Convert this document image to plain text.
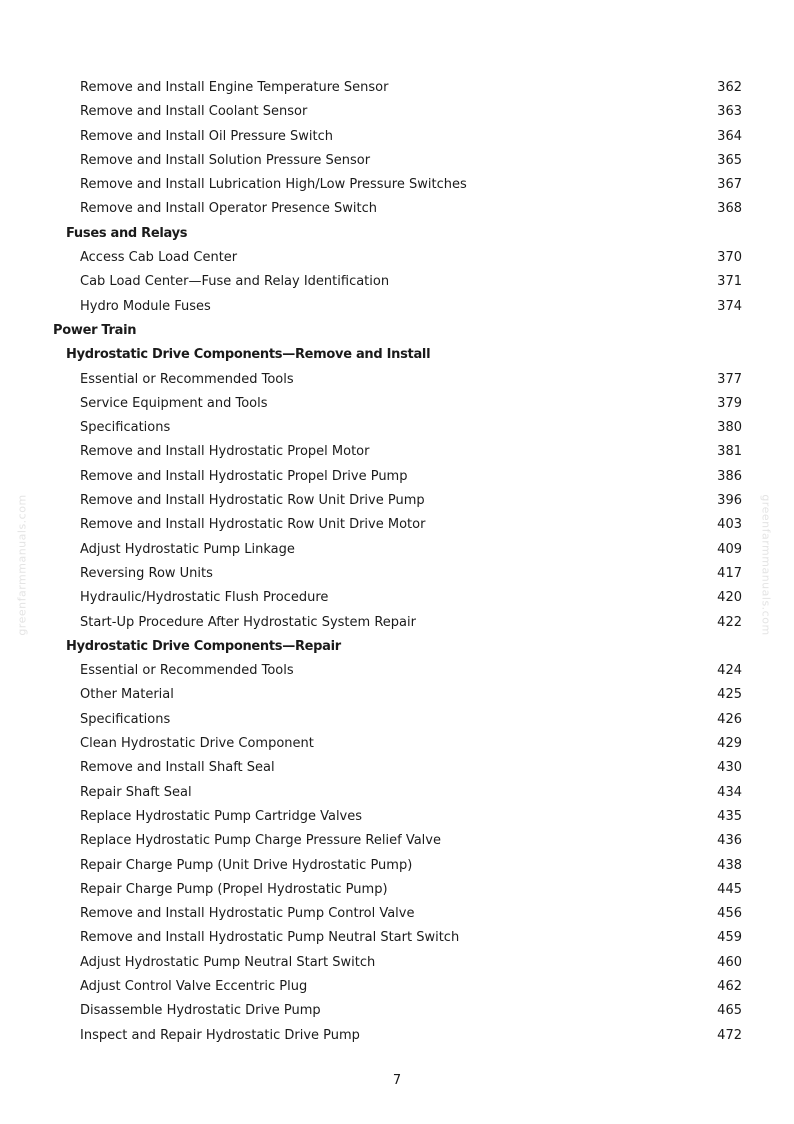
Remove and Install Engine Temperature Sensor	362
Remove and Install Coolant Sensor	363
Remove and Install Oil Pressure Switch	364
Remove and Install Solution Pressure Sensor	365
Remove and Install Lubrication High/Low Pressure Switches	367
Remove and Install Operator Presence Switch	368
Fuses and Relays
Access Cab Load Center	370
Cab Load Center—Fuse and Relay Identification	371
Hydro Module Fuses	374
Power Train
Hydrostatic Drive Components—Remove and Install
Essential or Recommended Tools	377
Service Equipment and Tools	379
Specifications	380
Remove and Install Hydrostatic Propel Motor	381
Remove and Install Hydrostatic Propel Drive Pump	386
Remove and Install Hydrostatic Row Unit Drive Pump	396
Remove and Install Hydrostatic Row Unit Drive Motor	403
Adjust Hydrostatic Pump Linkage	409
Reversing Row Units	417
Hydraulic/Hydrostatic Flush Procedure	420
Start-Up Procedure After Hydrostatic System Repair	422
Hydrostatic Drive Components—Repair
Essential or Recommended Tools	424
Other Material	425
Specifications	426
Clean Hydrostatic Drive Component	429
Remove and Install Shaft Seal	430
Repair Shaft Seal	434
Replace Hydrostatic Pump Cartridge Valves	435
Replace Hydrostatic Pump Charge Pressure Relief Valve	436
Repair Charge Pump (Unit Drive Hydrostatic Pump)	438
Repair Charge Pump (Propel Hydrostatic Pump)	445
Remove and Install Hydrostatic Pump Control Valve	456
Remove and Install Hydrostatic Pump Neutral Start Switch	459
Adjust Hydrostatic Pump Neutral Start Switch	460
Adjust Control Valve Eccentric Plug	462
Disassemble Hydrostatic Drive Pump	465
Inspect and Repair Hydrostatic Drive Pump	472
7
greenfarmmanuals.com	greenfarmmanuals.com
